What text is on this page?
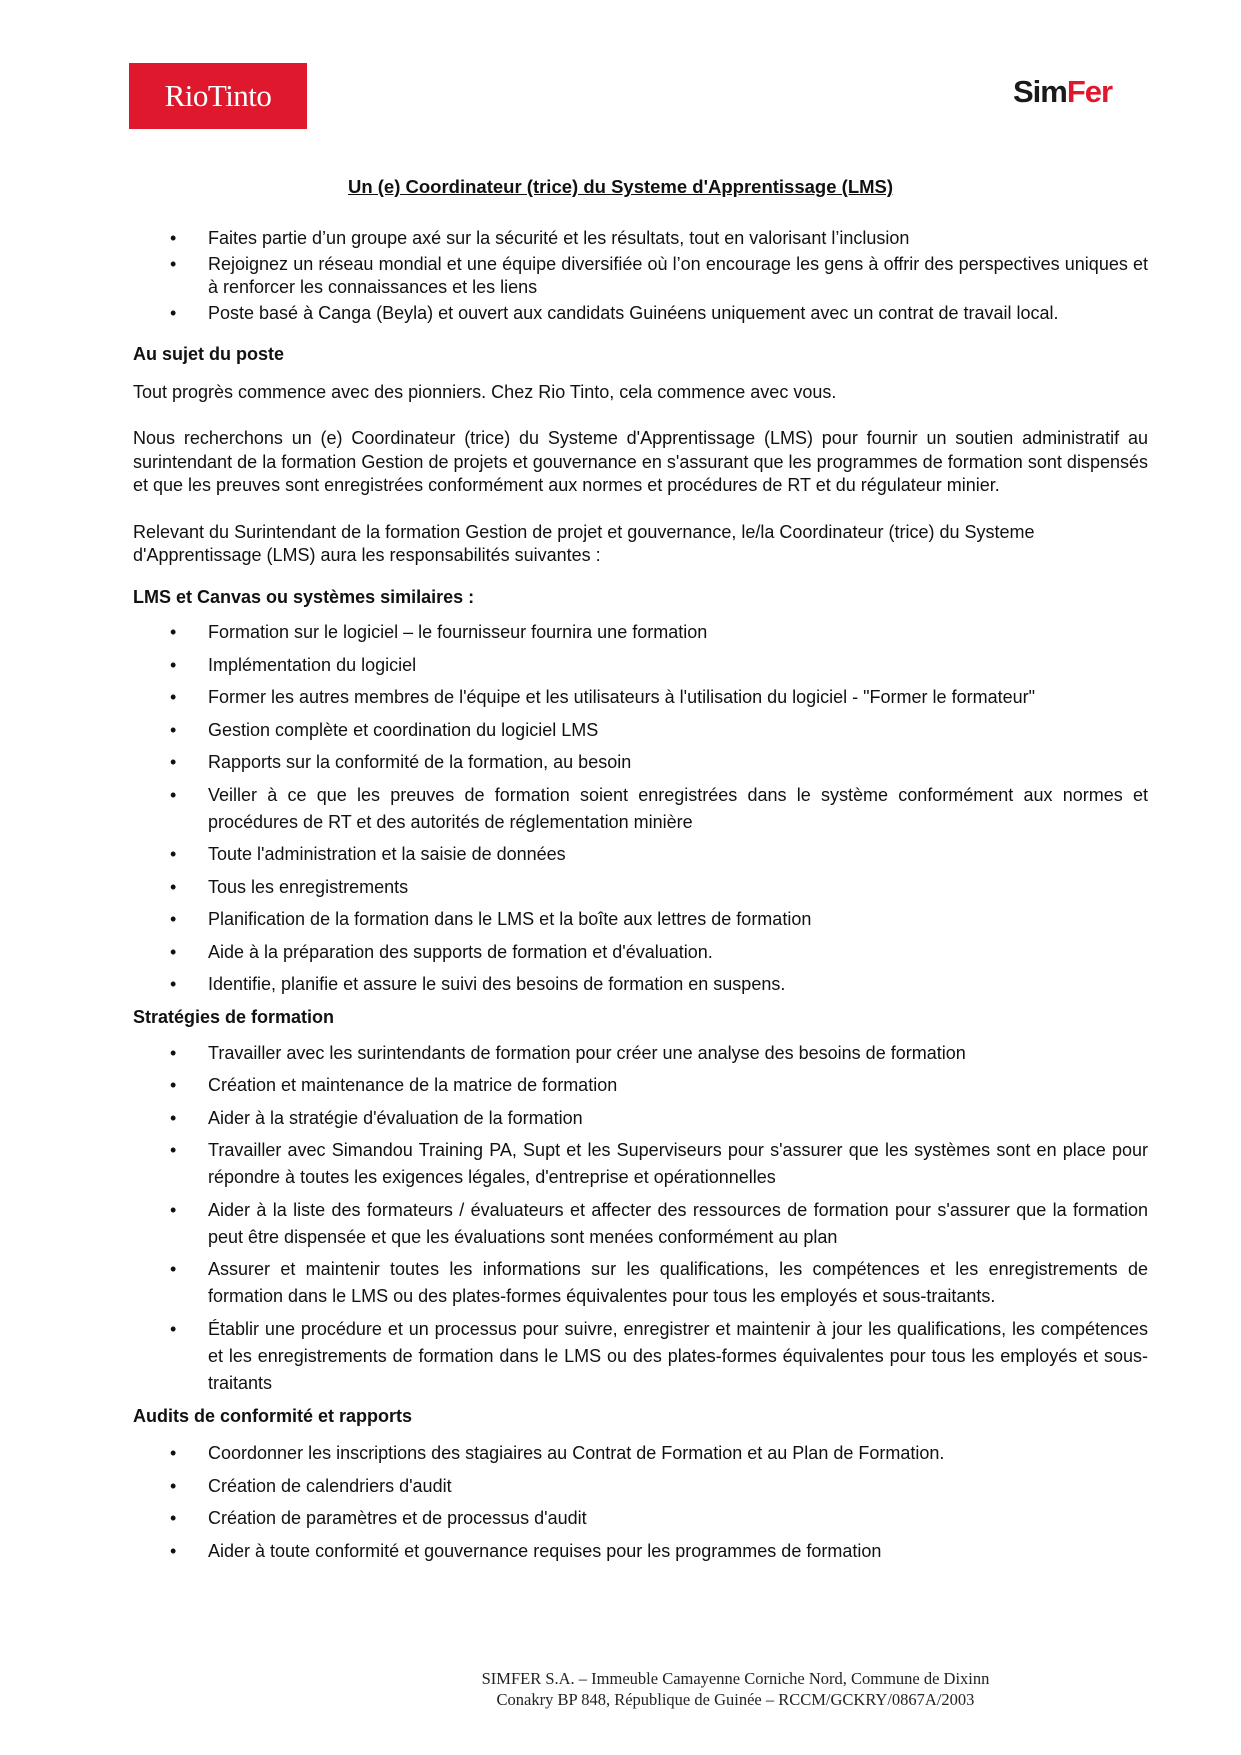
RioTinto	SimFer
Un (e) Coordinateur (trice) du Systeme d'Apprentissage (LMS)
• Faites partie d’un groupe axé sur la sécurité et les résultats, tout en valorisant l’inclusion
• Rejoignez un réseau mondial et une équipe diversifiée où l’on encourage les gens à offrir des perspectives uniques et à renforcer les connaissances et les liens
• Poste basé à Canga (Beyla) et ouvert aux candidats Guinéens uniquement avec un contrat de travail local.
Au sujet du poste

Tout progrès commence avec des pionniers. Chez Rio Tinto, cela commence avec vous.

Nous recherchons un (e) Coordinateur (trice) du Systeme d'Apprentissage (LMS) pour fournir un soutien administratif au surintendant de la formation Gestion de projets et gouvernance en s'assurant que les programmes de formation sont dispensés et que les preuves sont enregistrées conformément aux normes et procédures de RT et du régulateur minier.

Relevant du Surintendant de la formation Gestion de projet et gouvernance, le/la Coordinateur (trice) du Systeme d'Apprentissage (LMS) aura les responsabilités suivantes :

LMS et Canvas ou systèmes similaires :
• Formation sur le logiciel – le fournisseur fournira une formation
• Implémentation du logiciel
• Former les autres membres de l'équipe et les utilisateurs à l'utilisation du logiciel - "Former le formateur"
• Gestion complète et coordination du logiciel LMS
• Rapports sur la conformité de la formation, au besoin
• Veiller à ce que les preuves de formation soient enregistrées dans le système conformément aux normes et procédures de RT et des autorités de réglementation minière
• Toute l'administration et la saisie de données
• Tous les enregistrements
• Planification de la formation dans le LMS et la boîte aux lettres de formation
• Aide à la préparation des supports de formation et d'évaluation.
• Identifie, planifie et assure le suivi des besoins de formation en suspens.
Stratégies de formation
• Travailler avec les surintendants de formation pour créer une analyse des besoins de formation
• Création et maintenance de la matrice de formation
• Aider à la stratégie d'évaluation de la formation
• Travailler avec Simandou Training PA, Supt et les Superviseurs pour s'assurer que les systèmes sont en place pour répondre à toutes les exigences légales, d'entreprise et opérationnelles
• Aider à la liste des formateurs / évaluateurs et affecter des ressources de formation pour s'assurer que la formation peut être dispensée et que les évaluations sont menées conformément au plan
• Assurer et maintenir toutes les informations sur les qualifications, les compétences et les enregistrements de formation dans le LMS ou des plates-formes équivalentes pour tous les employés et sous-traitants.
• Établir une procédure et un processus pour suivre, enregistrer et maintenir à jour les qualifications, les compétences et les enregistrements de formation dans le LMS ou des plates-formes équivalentes pour tous les employés et sous-traitants
Audits de conformité et rapports
• Coordonner les inscriptions des stagiaires au Contrat de Formation et au Plan de Formation.
• Création de calendriers d'audit
• Création de paramètres et de processus d'audit
• Aider à toute conformité et gouvernance requises pour les programmes de formation
SIMFER S.A. – Immeuble Camayenne Corniche Nord, Commune de Dixinn
Conakry BP 848, République de Guinée – RCCM/GCKRY/0867A/2003
